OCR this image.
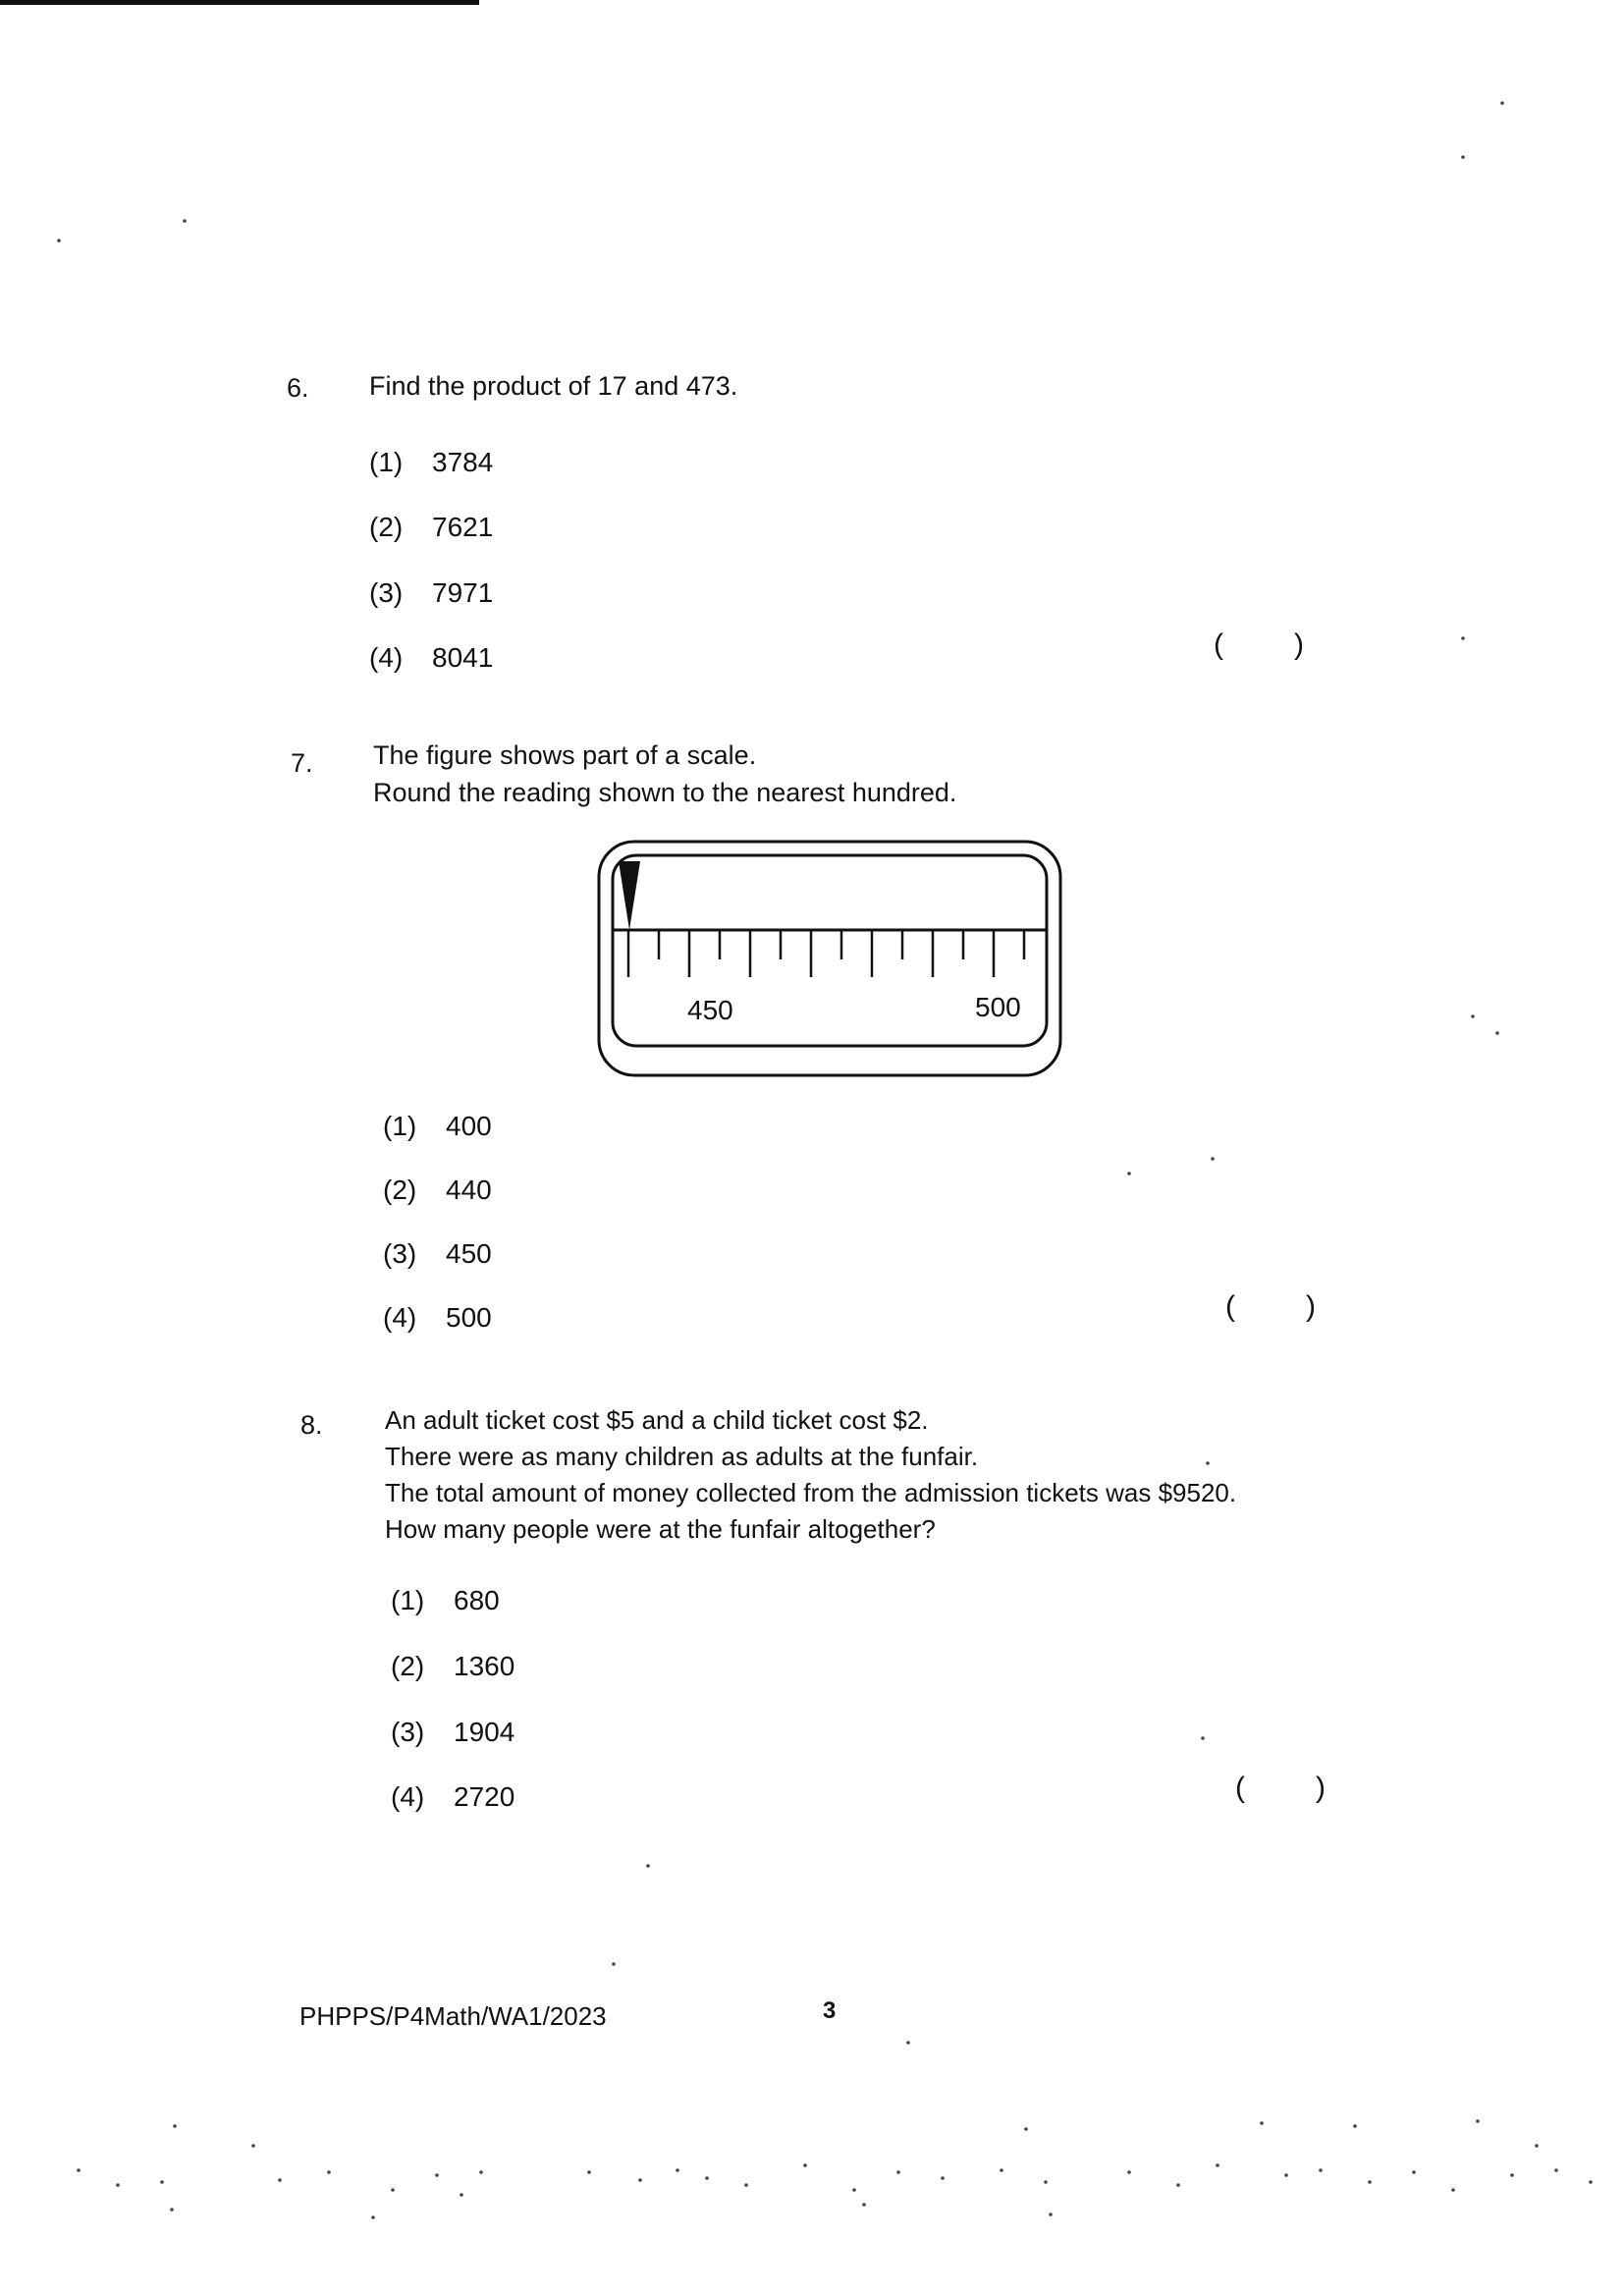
6. Find the product of 17 and 473.
(1) 3784
(2) 7621
(3) 7971
(4) 8041	( )
7. The figure shows part of a scale.
Round the reading shown to the nearest hundred.
450	500
(1) 400
(2) 440
(3) 450
(4) 500	( )
8. An adult ticket cost $5 and a child ticket cost $2.
There were as many children as adults at the funfair.
The total amount of money collected from the admission tickets was $9520.
How many people were at the funfair altogether?
(1) 680
(2) 1360
(3) 1904
(4) 2720	( )
PHPPS/P4Math/WA1/2023	3
